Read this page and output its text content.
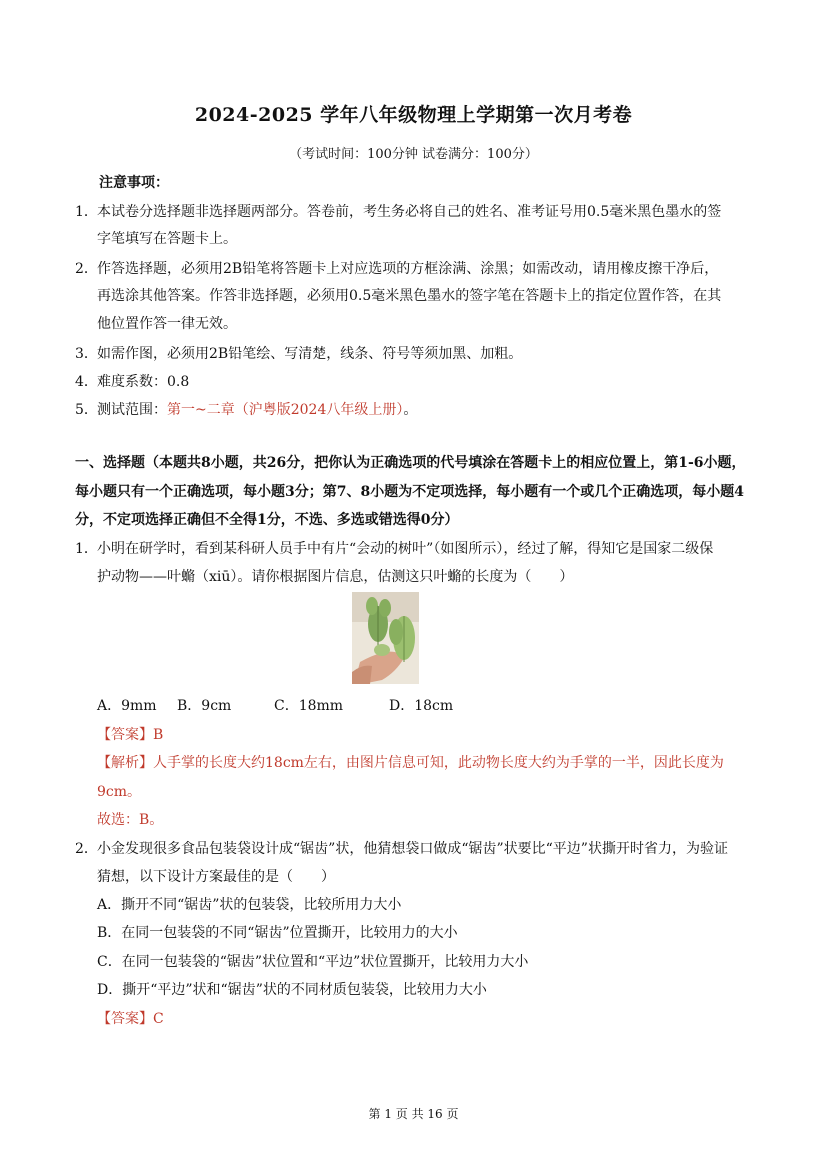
2024-2025 学年八年级物理上学期第一次月考卷
（考试时间：100分钟 试卷满分：100分）
注意事项：
1． 本试卷分选择题非选择题两部分。答卷前，考生务必将自己的姓名、准考证号用0.5毫米黑色墨水的签
字笔填写在答题卡上。
2． 作答选择题，必须用2B铅笔将答题卡上对应选项的方框涂满、涂黑；如需改动，请用橡皮擦干净后，
再选涂其他答案。作答非选择题，必须用0.5毫米黑色墨水的签字笔在答题卡上的指定位置作答，在其
他位置作答一律无效。
3． 如需作图，必须用2B铅笔绘、写清楚，线条、符号等须加黑、加粗。
4． 难度系数：0.8
5． 测试范围：第一~二章（沪粤版2024八年级上册）。
一、选择题（本题共8小题，共26分，把你认为正确选项的代号填涂在答题卡上的相应位置上，第1-6小题，
每小题只有一个正确选项，每小题3分；第7、8小题为不定项选择，每小题有一个或几个正确选项，每小题4
分，不定项选择正确但不全得1分，不选、多选或错选得0分）
1． 小明在研学时，看到某科研人员手中有片“会动的树叶”（如图所示），经过了解，得知它是国家二级保
护动物——叶䗛（xiū）。请你根据图片信息，估测这只叶䗛的长度为（　　）
A．9mm B．9cm	C．18mm	D．18cm
【答案】B
【解析】人手掌的长度大约18cm左右，由图片信息可知，此动物长度大约为手掌的一半，因此长度为
9cm。
故选：B。
2． 小金发现很多食品包装袋设计成“锯齿”状，他猜想袋口做成“锯齿”状要比“平边”状撕开时省力，为验证
猜想，以下设计方案最佳的是（　　）
A．撕开不同“锯齿”状的包装袋，比较所用力大小
B．在同一包装袋的不同“锯齿”位置撕开，比较用力的大小
C．在同一包装袋的“锯齿”状位置和“平边”状位置撕开，比较用力大小
D．撕开“平边”状和“锯齿”状的不同材质包装袋，比较用力大小
【答案】C
第 1 页 共 16 页
